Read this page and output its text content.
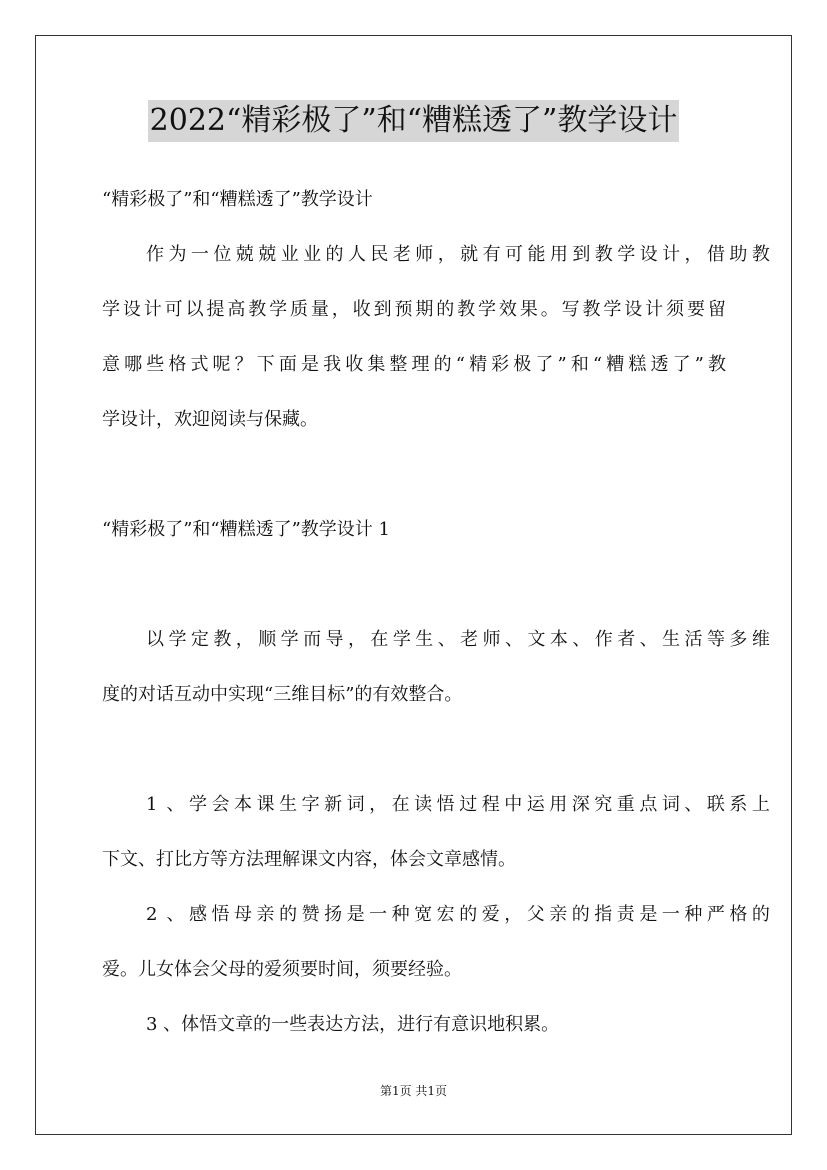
2022“精彩极了”和“糟糕透了”教学设计

“精彩极了”和“糟糕透了”教学设计

作 为 一 位 兢 兢 业 业 的 人 民 老 师 ， 就 有 可 能 用 到 教 学 设 计 ， 借 助 教

学 设 计 可 以 提 高 教 学 质 量 ， 收 到 预 期 的 教 学 效 果 。 写 教 学 设 计 须 要 留

意 哪 些 格 式 呢 ？ 下 面 是 我 收 集 整 理 的 “ 精 彩 极 了 ” 和 “ 糟 糕 透 了 ” 教

学设计，欢迎阅读与保藏。

“精彩极了”和“糟糕透了”教学设计 1

以 学 定 教 ， 顺 学 而 导 ， 在 学 生 、 老 师 、 文 本 、 作 者 、 生 活 等 多 维

度的对话互动中实现“三维目标”的有效整合。

1 、 学 会 本 课 生 字 新 词 ， 在 读 悟 过 程 中 运 用 深 究 重 点 词 、 联 系 上

下文、打比方等方法理解课文内容，体会文章感情。

2 、 感 悟 母 亲 的 赞 扬 是 一 种 宽 宏 的 爱 ， 父 亲 的 指 责 是 一 种 严 格 的

爱。儿女体会父母的爱须要时间，须要经验。

3 、体悟文章的一些表达方法，进行有意识地积累。

第1页 共1页
